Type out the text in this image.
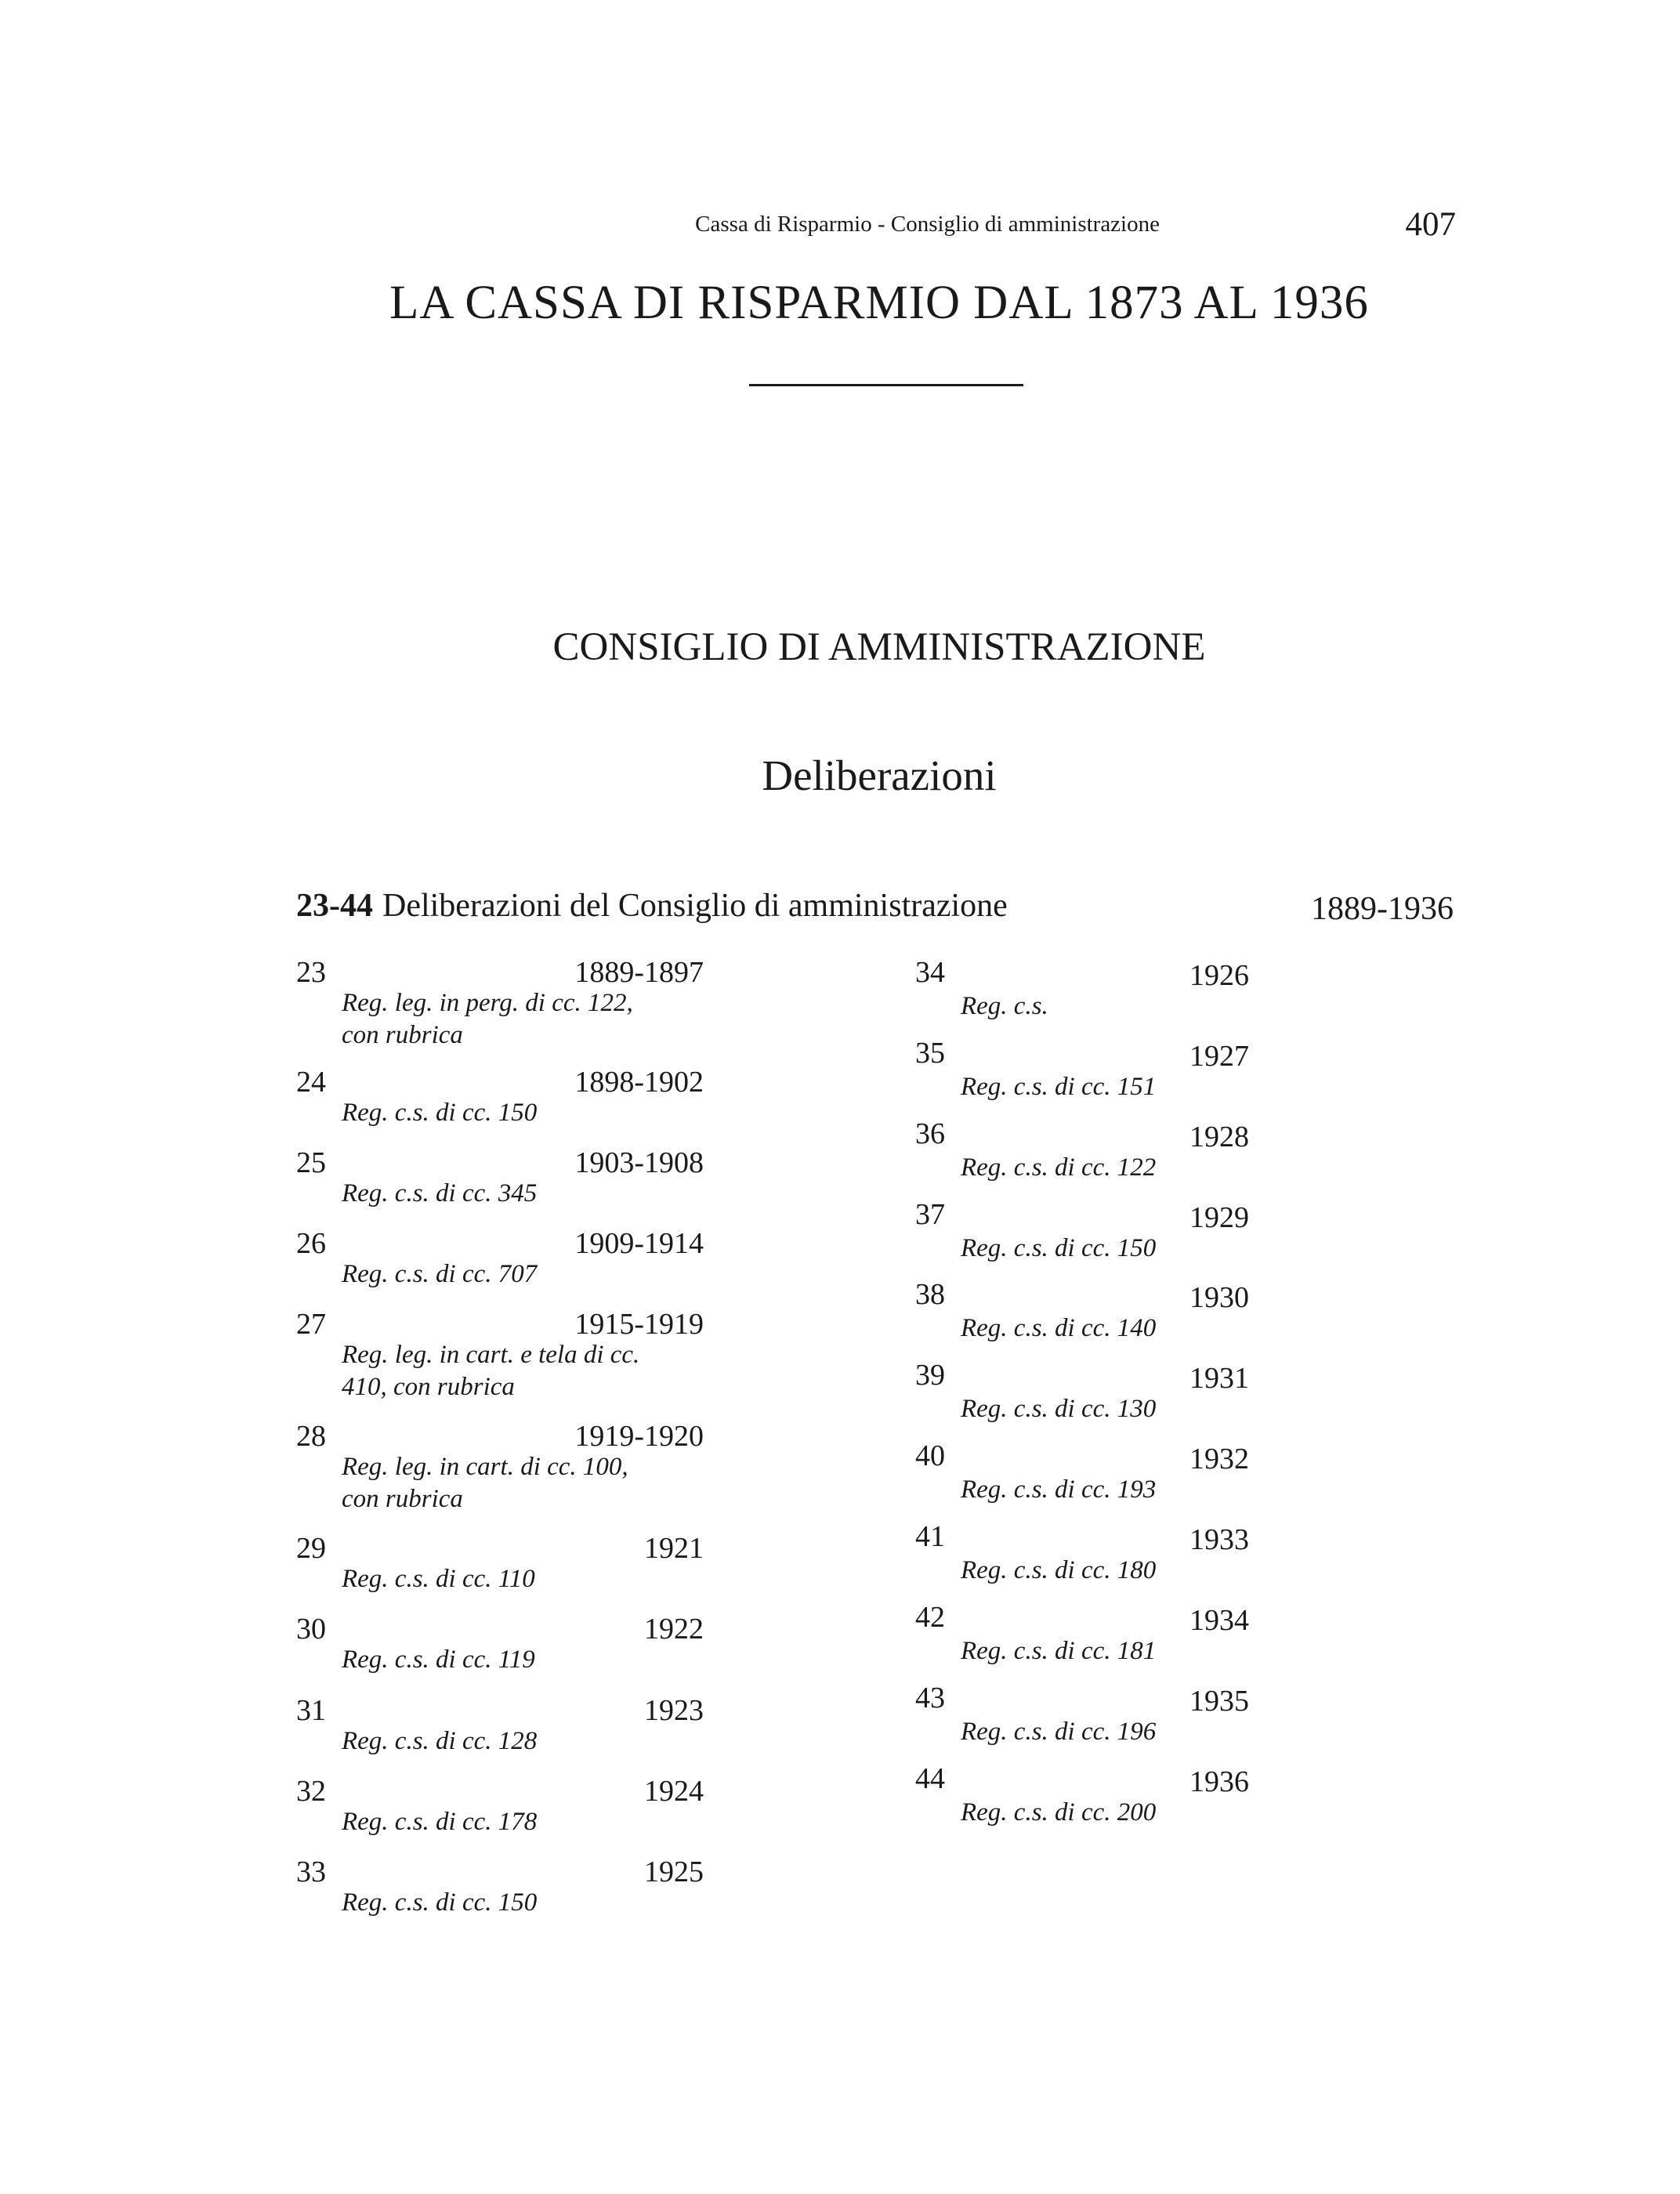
Cassa di Risparmio - Consiglio di amministrazione	407
LA CASSA DI RISPARMIO DAL 1873 AL 1936
CONSIGLIO DI AMMINISTRAZIONE
Deliberazioni
23-44 Deliberazioni del Consiglio di amministrazione	1889-1936
23	1889-1897
Reg. leg. in perg. di cc. 122,
con rubrica
24	1898-1902
Reg. c.s. di cc. 150
25	1903-1908
Reg. c.s. di cc. 345
26	1909-1914
Reg. c.s. di cc. 707
27	1915-1919
Reg. leg. in cart. e tela di cc.
410, con rubrica
28	1919-1920
Reg. leg. in cart. di cc. 100,
con rubrica
29	1921
Reg. c.s. di cc. 110
30	1922
Reg. c.s. di cc. 119
31	1923
Reg. c.s. di cc. 128
32	1924
Reg. c.s. di cc. 178
33	1925
Reg. c.s. di cc. 150
34	1926
Reg. c.s.
35	1927
Reg. c.s. di cc. 151
36	1928
Reg. c.s. di cc. 122
37	1929
Reg. c.s. di cc. 150
38	1930
Reg. c.s. di cc. 140
39	1931
Reg. c.s. di cc. 130
40	1932
Reg. c.s. di cc. 193
41	1933
Reg. c.s. di cc. 180
42	1934
Reg. c.s. di cc. 181
43	1935
Reg. c.s. di cc. 196
44	1936
Reg. c.s. di cc. 200
